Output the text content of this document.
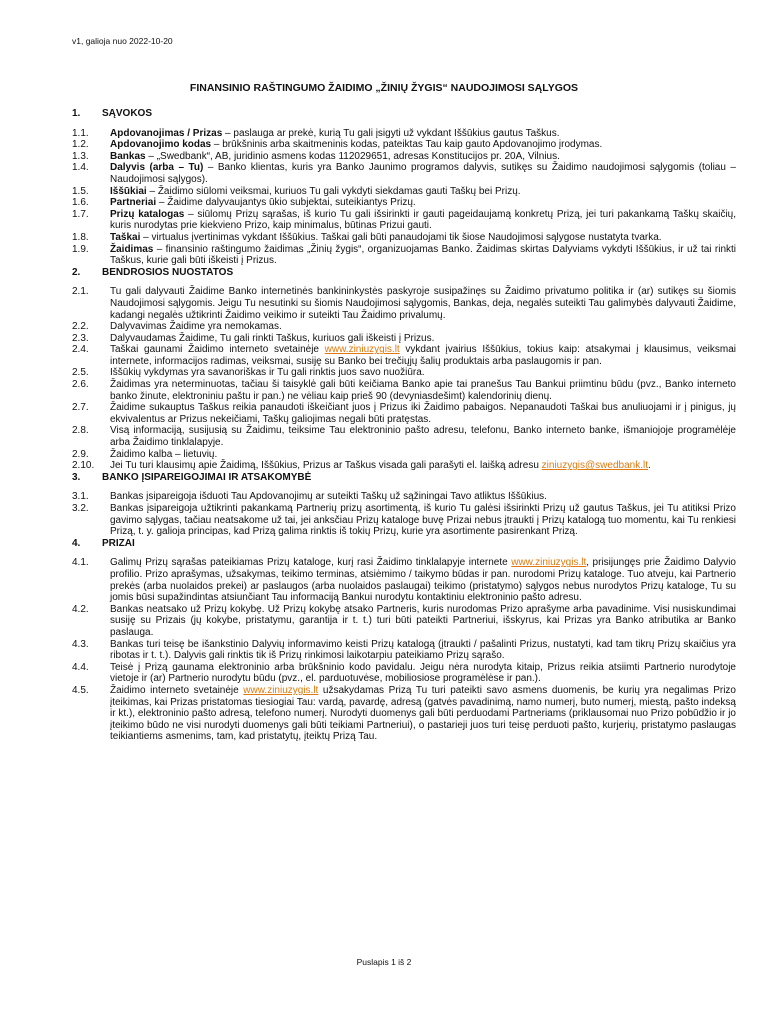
v1, galioja nuo 2022-10-20
FINANSINIO RAŠTINGUMO ŽAIDIMO „ŽINIŲ ŽYGIS“ NAUDOJIMOSI SĄLYGOS
1.	SĄVOKOS
1.1.	Apdovanojimas / Prizas – paslauga ar prekė, kurią Tu gali įsigyti už vykdant Iššūkius gautus Taškus.
1.2.	Apdovanojimo kodas – brūkšninis arba skaitmeninis kodas, pateiktas Tau kaip gauto Apdovanojimo įrodymas.
1.3.	Bankas – „Swedbank“, AB, juridinio asmens kodas 112029651, adresas Konstitucijos pr. 20A, Vilnius.
1.4.	Dalyvis (arba – Tu) – Banko klientas, kuris yra Banko Jaunimo programos dalyvis, sutikęs su Žaidimo naudojimosi sąlygomis (toliau – Naudojimosi sąlygos).
1.5.	Iššūkiai – Žaidimo siūlomi veiksmai, kuriuos Tu gali vykdyti siekdamas gauti Taškų bei Prizų.
1.6.	Partneriai – Žaidime dalyvaujantys ūkio subjektai, suteikiantys Prizų.
1.7.	Prizų katalogas – siūlomų Prizų sąrašas, iš kurio Tu gali išsirinkti ir gauti pageidaujamą konkretų Prizą, jei turi pakankamą Taškų skaičių, kuris nurodytas prie kiekvieno Prizo, kaip minimalus, būtinas Prizui gauti.
1.8.	Taškai – virtualus įvertinimas vykdant Iššūkius. Taškai gali būti panaudojami tik šiose Naudojimosi sąlygose nustatyta tvarka.
1.9.	Žaidimas – finansinio raštingumo žaidimas „Žinių žygis“, organizuojamas Banko. Žaidimas skirtas Dalyviams vykdyti Iššūkius, ir už tai rinkti Taškus, kurie gali būti iškeisti į Prizus.
2.	BENDROSIOS NUOSTATOS
2.1.	Tu gali dalyvauti Žaidime Banko internetinės bankininkystės paskyroje susipažinęs su Žaidimo privatumo politika ir (ar) sutikęs su šiomis Naudojimosi sąlygomis. Jeigu Tu nesutinki su šiomis Naudojimosi sąlygomis, Bankas, deja, negalės suteikti Tau galimybės dalyvauti Žaidime, kadangi negalės užtikrinti Žaidimo veikimo ir suteikti Tau Žaidimo privalumų.
2.2.	Dalyvavimas Žaidime yra nemokamas.
2.3.	Dalyvaudamas Žaidime, Tu gali rinkti Taškus, kuriuos gali iškeisti į Prizus.
2.4.	Taškai gaunami Žaidimo interneto svetainėje www.ziniuzygis.lt vykdant įvairius Iššūkius, tokius kaip: atsakymai į klausimus, veiksmai internete, informacijos radimas, veiksmai, susiję su Banko bei trečiųjų šalių produktais arba paslaugomis ir pan.
2.5.	Iššūkių vykdymas yra savanoriškas ir Tu gali rinktis juos savo nuožiūra.
2.6.	Žaidimas yra neterminuotas, tačiau ši taisyklė gali būti keičiama Banko apie tai pranešus Tau Bankui priimtinu būdu (pvz., Banko interneto banko žinute, elektroniniu paštu ir pan.) ne vėliau kaip prieš 90 (devyniasdešimt) kalendorinių dienų.
2.7.	Žaidime sukauptus Taškus reikia panaudoti iškeičiant juos į Prizus iki Žaidimo pabaigos. Nepanaudoti Taškai bus anuliuojami ir į pinigus, jų ekvivalentus ar Prizus nekeičiami, Taškų galiojimas negali būti pratęstas.
2.8.	Visą informaciją, susijusią su Žaidimu, teiksime Tau elektroninio pašto adresu, telefonu, Banko interneto banke, išmaniojoje programėlėje arba Žaidimo tinklalapyje.
2.9.	Žaidimo kalba – lietuvių.
2.10.	Jei Tu turi klausimų apie Žaidimą, Iššūkius, Prizus ar Taškus visada gali parašyti el. laišką adresu ziniuzygis@swedbank.lt.
3.	BANKO ĮSIPAREIGOJIMAI IR ATSAKOMYBĖ
3.1.	Bankas įsipareigoja išduoti Tau Apdovanojimų ar suteikti Taškų už sąžiningai Tavo atliktus Iššūkius.
3.2.	Bankas įsipareigoja užtikrinti pakankamą Partnerių prizų asortimentą, iš kurio Tu galėsi išsirinkti Prizų už gautus Taškus, jei Tu atitiksi Prizo gavimo sąlygas, tačiau neatsakome už tai, jei anksčiau Prizų kataloge buvę Prizai nebus įtraukti į Prizų katalogą tuo momentu, kai Tu renkiesi Prizą, t. y. galioja principas, kad Prizą galima rinktis iš tokių Prizų, kurie yra asortimente pasirenkant Prizą.
4.	PRIZAI
4.1.	Galimų Prizų sąrašas pateikiamas Prizų kataloge, kurį rasi Žaidimo tinklalapyje internete www.ziniuzygis.lt, prisijungęs prie Žaidimo Dalyvio profilio. Prizo aprašymas, užsakymas, teikimo terminas, atsiėmimo / taikymo būdas ir pan. nurodomi Prizų kataloge. Tuo atveju, kai Partnerio prekės (arba nuolaidos prekei) ar paslaugos (arba nuolaidos paslaugai) teikimo (pristatymo) sąlygos nebus nurodytos Prizų kataloge, Tu su jomis būsi supažindintas atsiunčiant Tau informaciją Bankui nurodytu kontaktiniu elektroninio pašto adresu.
4.2.	Bankas neatsako už Prizų kokybę. Už Prizų kokybę atsako Partneris, kuris nurodomas Prizo aprašyme arba pavadinime. Visi nusiskundimai susiję su Prizais (jų kokybe, pristatymu, garantija ir t. t.) turi būti pateikti Partneriui, išskyrus, kai Prizas yra Banko atributika ar Banko paslauga.
4.3.	Bankas turi teisę be išankstinio Dalyvių informavimo keisti Prizų katalogą (įtraukti / pašalinti Prizus, nustatyti, kad tam tikrų Prizų skaičius yra ribotas ir t. t.). Dalyvis gali rinktis tik iš Prizų rinkimosi laikotarpiu pateikiamo Prizų sąrašo.
4.4.	Teisė į Prizą gaunama elektroninio arba brūkšninio kodo pavidalu. Jeigu nėra nurodyta kitaip, Prizus reikia atsiimti Partnerio nurodytoje vietoje ir (ar) Partnerio nurodytu būdu (pvz., el. parduotuvėse, mobiliosiose programėlėse ir pan.).
4.5.	Žaidimo interneto svetainėje www.ziniuzygis.lt užsakydamas Prizą Tu turi pateikti savo asmens duomenis, be kurių yra negalimas Prizo įteikimas, kai Prizas pristatomas tiesiogiai Tau: vardą, pavardę, adresą (gatvės pavadinimą, namo numerį, buto numerį, miestą, pašto indeksą ir kt.), elektroninio pašto adresą, telefono numerį. Nurodyti duomenys gali būti perduodami Partneriams (priklausomai nuo Prizo pobūdžio ir jo įteikimo būdo ne visi nurodyti duomenys gali būti teikiami Partneriui), o pastarieji juos turi teisę perduoti pašto, kurjerių, pristatymo paslaugas teikiantiems asmenims, tam, kad pristatytų, įteiktų Prizą Tau.
Puslapis 1 iš 2
